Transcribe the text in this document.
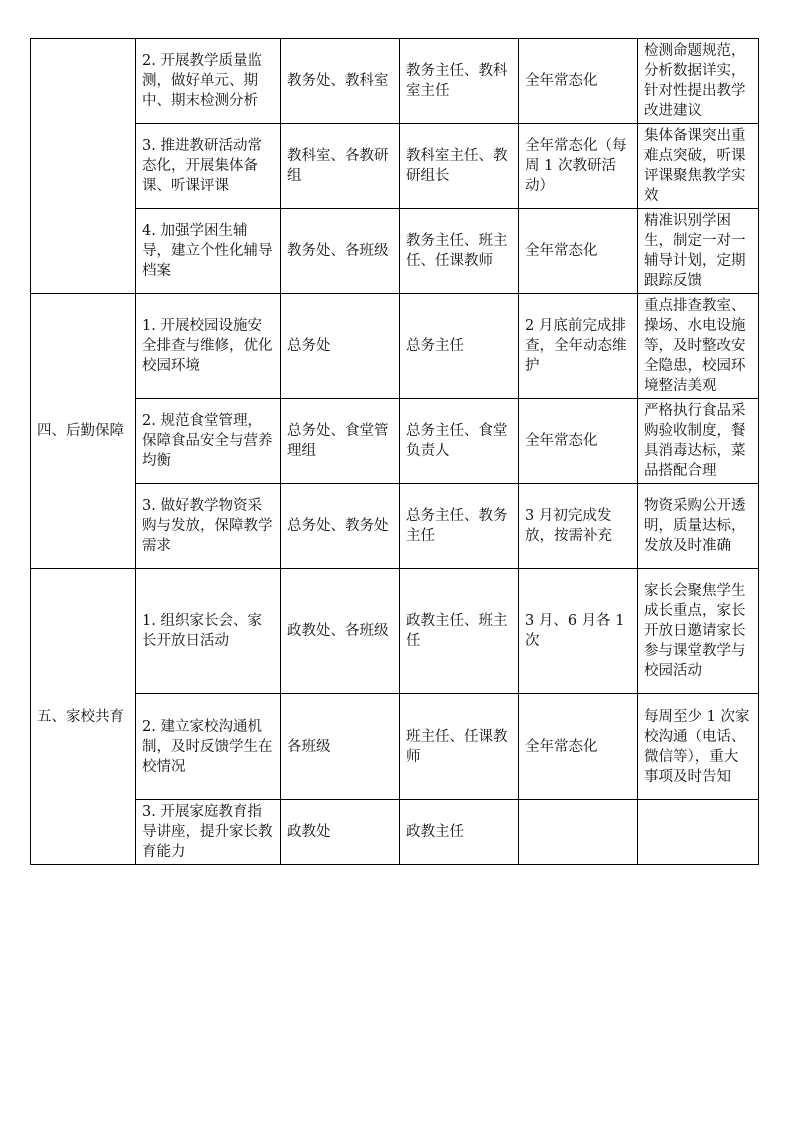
	2. 开展教学质量监测，做好单元、期中、期末检测分析	教务处、教科室	教务主任、教科室主任	全年常态化	检测命题规范，分析数据详实，针对性提出教学改进建议
	3. 推进教研活动常态化，开展集体备课、听课评课	教科室、各教研组	教科室主任、教研组长	全年常态化（每周 1 次教研活动）	集体备课突出重难点突破，听课评课聚焦教学实效
	4. 加强学困生辅导，建立个性化辅导档案	教务处、各班级	教务主任、班主任、任课教师	全年常态化	精准识别学困生，制定一对一辅导计划，定期跟踪反馈
四、后勤保障	1. 开展校园设施安全排查与维修，优化校园环境	总务处	总务主任	2 月底前完成排查，全年动态维护	重点排查教室、操场、水电设施等，及时整改安全隐患，校园环境整洁美观
	2. 规范食堂管理，保障食品安全与营养均衡	总务处、食堂管理组	总务主任、食堂负责人	全年常态化	严格执行食品采购验收制度，餐具消毒达标，菜品搭配合理
	3. 做好教学物资采购与发放，保障教学需求	总务处、教务处	总务主任、教务主任	3 月初完成发放，按需补充	物资采购公开透明，质量达标，发放及时准确
五、家校共育	1. 组织家长会、家长开放日活动	政教处、各班级	政教主任、班主任	3 月、6 月各 1 次	家长会聚焦学生成长重点，家长开放日邀请家长参与课堂教学与校园活动
	2. 建立家校沟通机制，及时反馈学生在校情况	各班级	班主任、任课教师	全年常态化	每周至少 1 次家校沟通（电话、微信等），重大事项及时告知
	3. 开展家庭教育指导讲座，提升家长教育能力	政教处	政教主任		
